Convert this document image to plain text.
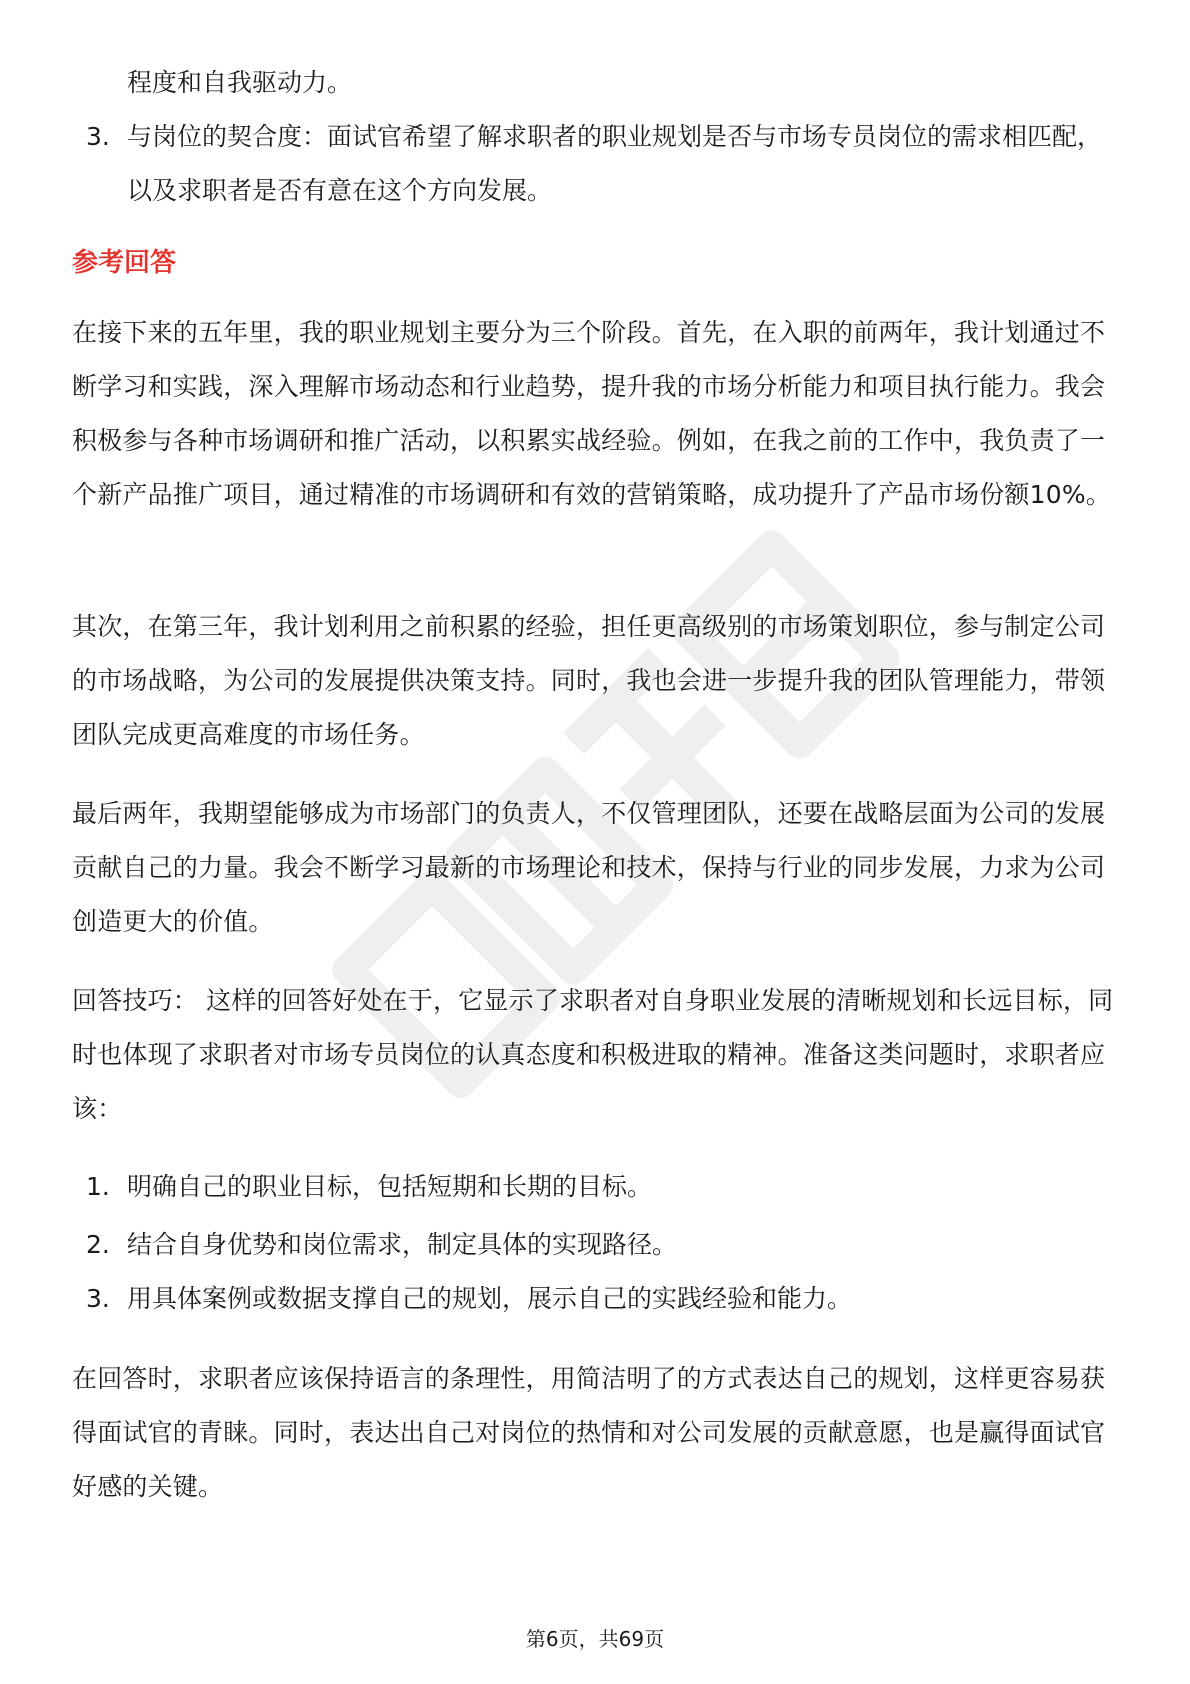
程度和自我驱动力。
3. 与岗位的契合度：面试官希望了解求职者的职业规划是否与市场专员岗位的需求相匹配，以及求职者是否有意在这个方向发展。
参考回答
在接下来的五年里，我的职业规划主要分为三个阶段。首先，在入职的前两年，我计划通过不断学习和实践，深入理解市场动态和行业趋势，提升我的市场分析能力和项目执行能力。我会积极参与各种市场调研和推广活动，以积累实战经验。例如，在我之前的工作中，我负责了一个新产品推广项目，通过精准的市场调研和有效的营销策略，成功提升了产品市场份额10%。
其次，在第三年，我计划利用之前积累的经验，担任更高级别的市场策划职位，参与制定公司的市场战略，为公司的发展提供决策支持。同时，我也会进一步提升我的团队管理能力，带领团队完成更高难度的市场任务。
最后两年，我期望能够成为市场部门的负责人，不仅管理团队，还要在战略层面为公司的发展贡献自己的力量。我会不断学习最新的市场理论和技术，保持与行业的同步发展，力求为公司创造更大的价值。
回答技巧： 这样的回答好处在于，它显示了求职者对自身职业发展的清晰规划和长远目标，同时也体现了求职者对市场专员岗位的认真态度和积极进取的精神。准备这类问题时，求职者应该：
1. 明确自己的职业目标，包括短期和长期的目标。
2. 结合自身优势和岗位需求，制定具体的实现路径。
3. 用具体案例或数据支撑自己的规划，展示自己的实践经验和能力。
在回答时，求职者应该保持语言的条理性，用简洁明了的方式表达自己的规划，这样更容易获得面试官的青睐。同时，表达出自己对岗位的热情和对公司发展的贡献意愿，也是赢得面试官好感的关键。
第6页，共69页
